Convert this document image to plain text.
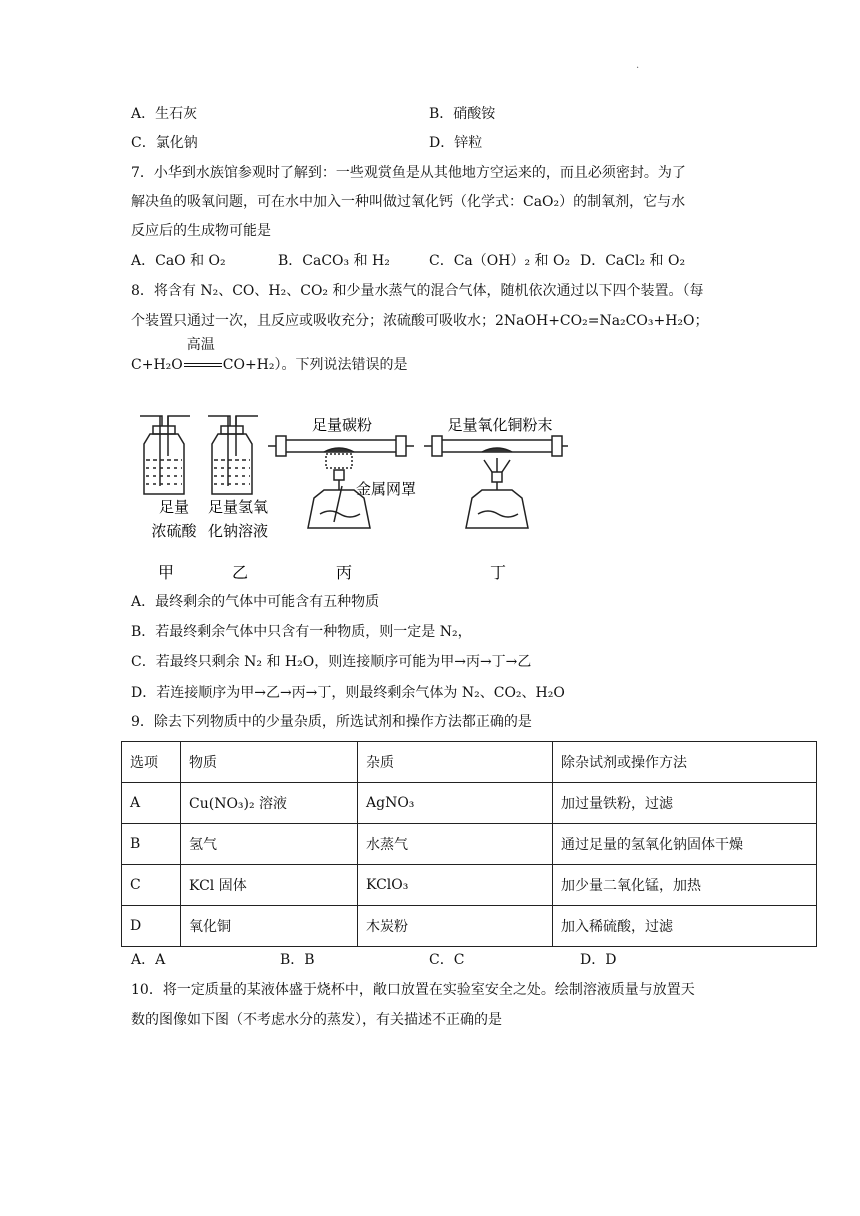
.
A．生石灰	B．硝酸铵
C．氯化钠	D．锌粒
7．小华到水族馆参观时了解到：一些观赏鱼是从其他地方空运来的，而且必须密封。为了
解决鱼的吸氧问题，可在水中加入一种叫做过氧化钙（化学式：CaO₂）的制氧剂，它与水
反应后的生成物可能是
A．CaO 和 O₂	B．CaCO₃ 和 H₂	C．Ca（OH）₂ 和 O₂ D．CaCl₂ 和 O₂
8．将含有 N₂、CO、H₂、CO₂ 和少量水蒸气的混合气体，随机依次通过以下四个装置。（每
个装置只通过一次，且反应或吸收充分；浓硫酸可吸收水；2NaOH+CO₂=Na₂CO₃+H₂O；
C+H₂O
高温
CO+H₂）。下列说法错误的是
足量
浓硫酸
足量氢氧
化钠溶液
足量碳粉
金属网罩
足量氧化铜粉末
甲	乙	丙	丁
A．最终剩余的气体中可能含有五种物质
B．若最终剩余气体中只含有一种物质，则一定是 N₂，
C．若最终只剩余 N₂ 和 H₂O，则连接顺序可能为甲→丙→丁→乙
D．若连接顺序为甲→乙→丙→丁，则最终剩余气体为 N₂、CO₂、H₂O
9．除去下列物质中的少量杂质，所选试剂和操作方法都正确的是
选项	物质	杂质	除杂试剂或操作方法
A	Cu(NO₃)₂ 溶液	AgNO₃	加过量铁粉，过滤
B	氢气	水蒸气	通过足量的氢氧化钠固体干燥
C	KCl 固体	KClO₃	加少量二氧化锰，加热
D	氧化铜	木炭粉	加入稀硫酸，过滤
A．A	B．B	C．C	D．D
10．将一定质量的某液体盛于烧杯中，敞口放置在实验室安全之处。绘制溶液质量与放置天
数的图像如下图（不考虑水分的蒸发），有关描述不正确的是
